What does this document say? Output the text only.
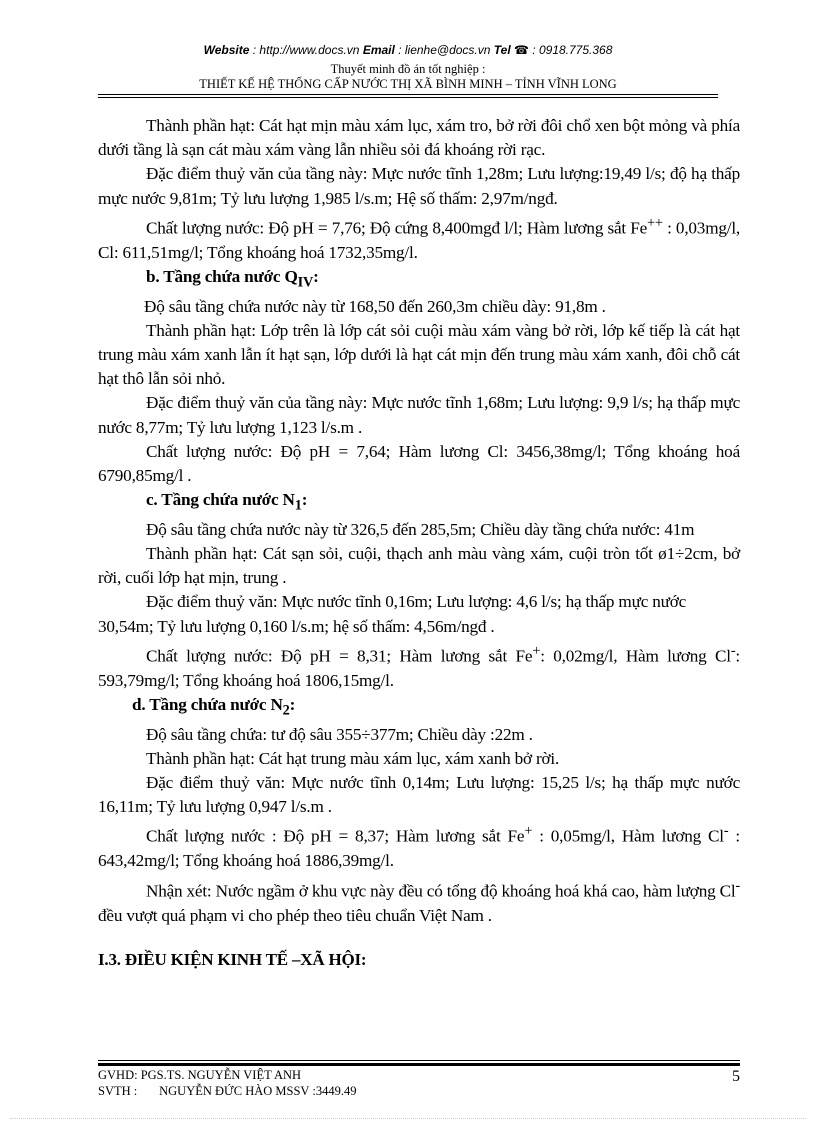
Website : http://www.docs.vn Email : lienhe@docs.vn Tel ☎ : 0918.775.368
Thuyết minh đồ án tốt nghiệp :
THIẾT KẾ HỆ THỐNG CẤP NƯỚC THỊ XÃ BÌNH MINH – TỈNH VĨNH LONG

Thành phần hạt: Cát hạt mịn màu xám lục, xám tro, bở rời đôi chổ xen bột mỏng và phía dưới tầng là sạn cát màu xám vàng lẫn nhiều sỏi đá khoáng rời rạc.

Đặc điểm thuỷ văn của tầng này: Mực nước tĩnh 1,28m; Lưu lượng:19,49 l/s; độ hạ thấp mực nước 9,81m; Tỷ lưu lượng 1,985 l/s.m; Hệ số thấm: 2,97m/ngđ.

Chất lượng nước: Độ pH = 7,76; Độ cứng 8,400mgđ l/l; Hàm lương sắt Fe++ : 0,03mg/l, Cl: 611,51mg/l; Tổng khoáng hoá 1732,35mg/l.

b. Tầng chứa nước $Q_{IV}$:

Độ sâu tầng chứa nước này từ 168,50 đến 260,3m chiều dày: 91,8m .

Thành phần hạt: Lớp trên là lớp cát sỏi cuội màu xám vàng bở rời, lớp kế tiếp là cát hạt trung màu xám xanh lẫn ít hạt sạn, lớp dưới là hạt cát mịn đến trung màu xám xanh, đôi chỗ cát hạt thô lẫn sỏi nhỏ.

Đặc điểm thuỷ văn của tầng này: Mực nước tĩnh 1,68m; Lưu lượng: 9,9 l/s; hạ thấp mực nước 8,77m; Tỷ lưu lượng 1,123 l/s.m .

Chất lượng nước: Độ pH = 7,64; Hàm lương Cl: 3456,38mg/l; Tổng khoáng hoá 6790,85mg/l .

c. Tầng chứa nước $N_1$:

Độ sâu tầng chứa nước này từ 326,5 đến 285,5m; Chiều dày tầng chứa nước: 41m

Thành phần hạt: Cát sạn sỏi, cuội, thạch anh màu vàng xám, cuội tròn tốt ø1÷2cm, bở rời, cuối lớp hạt mịn, trung .

Đặc điểm thuỷ văn: Mực nước tĩnh 0,16m; Lưu lượng: 4,6 l/s; hạ thấp mực nước

30,54m; Tỷ lưu lượng 0,160 l/s.m; hệ số thấm: 4,56m/ngđ .

Chất lượng nước: Độ pH = 8,31; Hàm lương sắt Fe+: 0,02mg/l, Hàm lương Cl-: 593,79mg/l; Tổng khoáng hoá 1806,15mg/l.

d. Tầng chứa nước $N_2$:

Độ sâu tầng chứa: tư độ sâu 355÷377m; Chiều dày :22m .

Thành phần hạt: Cát hạt trung màu xám lục, xám xanh bở rời.

Đặc điểm thuỷ văn: Mực nước tĩnh 0,14m; Lưu lượng: 15,25 l/s; hạ thấp mực nước 16,11m; Tỷ lưu lượng 0,947 l/s.m .

Chất lượng nước : Độ pH = 8,37; Hàm lương sắt Fe+ : 0,05mg/l, Hàm lương Cl- : 643,42mg/l; Tổng khoáng hoá 1886,39mg/l.

Nhận xét: Nước ngầm ở khu vực này đều có tổng độ khoáng hoá khá cao, hàm lượng Cl- đều vượt quá phạm vi cho phép theo tiêu chuẩn Việt Nam .

I.3. ĐIỀU KIỆN KINH TẾ –XÃ HỘI:

GVHD: PGS.TS. NGUYỄN VIỆT ANH
SVTH :       NGUYỄN ĐỨC HÀO MSSV :3449.49
5
